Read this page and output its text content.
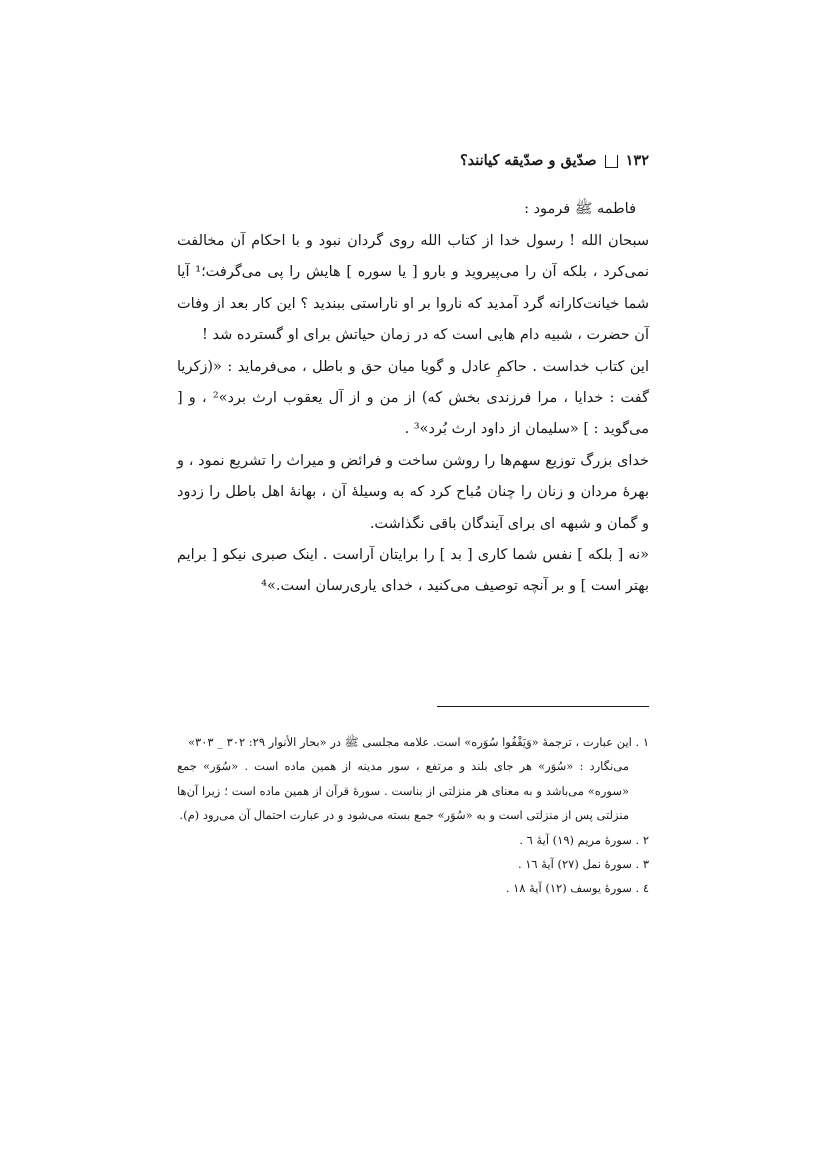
۱۳۲
صدّیق و صدّیقه کیانند؟
فاطمه ﷺ فرمود :

سبحان الله ! رسول خدا از کتاب الله روی گردان نبود و با احکام آن مخالفت نمی‌کرد ، بلکه آن را می‌پیروید و بارو [ یا سوره ] هایش را پی می‌گرفت؛¹ آیا شما خیانت‌کارانه گرد آمدید که ناروا بر او ناراستی ببندید ؟ این کار بعد از وفات آن حضرت ، شبیه دام هایی است که در زمان حیاتش برای او گسترده شد !

این کتاب خداست . حاکمِ عادل و گویا میان حق و باطل ، می‌فرماید : «(زکریا گفت : خدایا ، مرا فرزندی بخش که) از من و از آل یعقوب ارث برد»² ، و [ می‌گوید : ] «سلیمان از داود ارث بُرد»³ .

خدای بزرگ توزیع سهم‌ها را روشن ساخت و فرائض و میراث را تشریع نمود ، و بهرهٔ مردان و زنان را چنان مُباح کرد که به وسیلهٔ آن ، بهانهٔ اهل باطل را زدود و گمان و شبهه ای برای آیندگان باقی نگذاشت.

«نه [ بلکه ] نفس شما کاری [ بد ] را برایتان آراست . اینک صبری نیکو [ برایم بهتر است ] و بر آنچه توصیف می‌کنید ، خدای یاری‌رسان است.»⁴

۱ . این عبارت ، ترجمهٔ «وَیَقْفُوا سُوَره» است. علامه مجلسی ﷺ در «بحار الأنوار ۲۹: ۳۰۲ _ ۳۰۳»

می‌نگارد : «سُوَر» هر جای بلند و مرتفع ، سور مدینه از همین ماده است . «سُوَر» جمع «سوره» می‌باشد و به معنای هر منزلتی از بناست . سورهٔ قرآن از همین ماده است ؛ زیرا آن‌ها منزلتی پس از منزلتی است و به «سُوَر» جمع بسته می‌شود و در عبارت احتمال آن می‌رود (م).

۲ . سورهٔ مریم (۱۹) آیهٔ ٦ .

۳ . سورهٔ نمل (۲۷) آیهٔ ۱٦ .

٤ . سورهٔ یوسف (۱۲) آیهٔ ۱۸ .
